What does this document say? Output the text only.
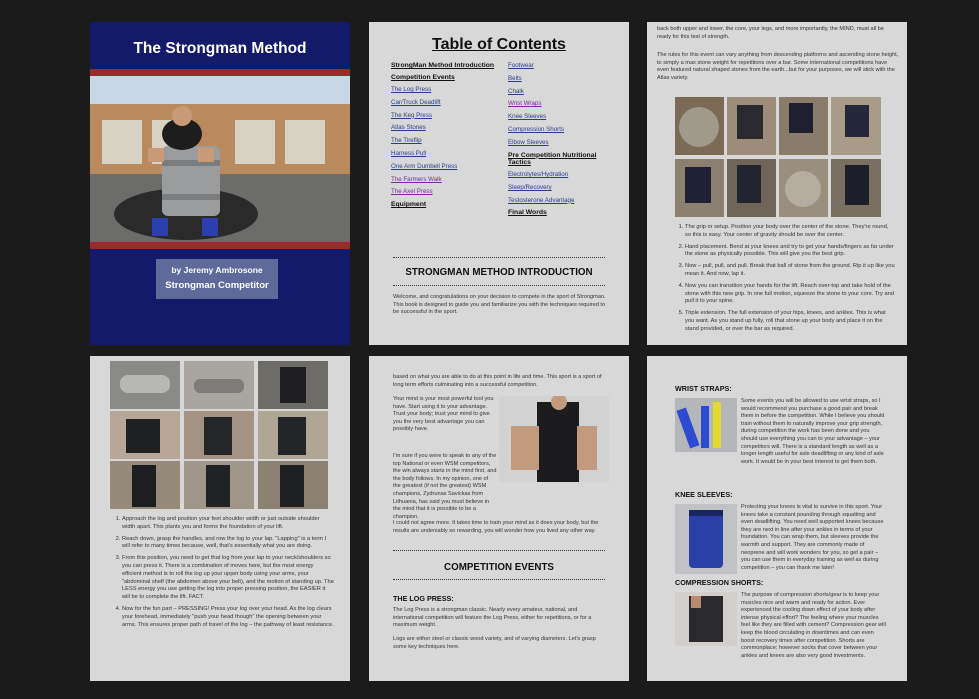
The Strongman Method
by Jeremy Ambrosone
Strongman Competitor
Table of Contents
StrongMan Method Introduction
Competition Events
The Log Press
Car/Truck Deadlift
The Keg Press
Atlas Stones
The Tireflip
Harness Pull
One Arm Dumbell Press
The Farmers Walk
The Axel Press
Equipment
Footwear
Belts
Chalk
Wrist Wraps
Knee Sleeves
Compression Shorts
Elbow Sleeves
Pre Competition Nutritional Tactics
Electrolytes/Hydration
Sleep/Recovery
Testosterone Advantage
Final Words
STRONGMAN METHOD INTRODUCTION
Welcome, and congratulations on your decision to compete in the sport of Strongman. This book is designed to guide you and familiarize you with the techniques required to be successful in the sport.
back both upper and lower, the core, your legs, and more importantly, the MIND, must all be ready for this test of strength.
The rules for this event can vary anything from descending platforms and ascending stone height, to simply a max stone weight for repetitions over a bar. Some international competitions have even featured natural shaped stones from the earth...but for your purposes, we will stick with the Atlas variety.
1. The grip or setup. Position your body over the center of the stone. They're round, so this is easy. Your center of gravity should be over the center.
2. Hand placement. Bend at your knees and try to get your hands/fingers as far under the stone as physically possible. This will give you the best grip.
3. Now – pull, pull, and pull. Break that ball of stone from the ground. Rip it up like you mean it. And now, lap it.
4. Now you can transition your hands for the lift. Reach over-top and take hold of the stone with this new grip. In one full motion, squeeze the stone to your core. Try and pull it to your spine.
5. Triple extension. The full extension of your hips, knees, and ankles. This is what you want. As you stand up fully, roll that stone up your body and place it on the stand provided, or over the bar as required.
1. Approach the log and position your feet shoulder width or just outside shoulder width apart. This plants you and forms the foundation of your lift.
2. Reach down, grasp the handles, and row the log to your lap. "Lapping" is a term I will refer to many times because, well, that's essentially what you are doing.
3. From this position, you need to get that log from your lap to your neck/shoulders so you can press it. There is a combination of moves here, but the most energy efficient method is to roll the log up your upper body using your arms, your "abdominal shelf (the abdomen above your belt), and the motion of standing up. The LESS energy you use getting the log into proper pressing position, the EASIER it will be to complete the lift. FACT.
4. Now for the fun part – PRESSING! Press your log over your head. As the log clears your forehead, immediately "push your head though" the opening between your arms. This ensures proper path of travel of the log – the pathway of least resistance.
based on what you are able to do at this point in life and time. This sport is a sport of long term efforts culminating into a successful competition.
Your mind is your most powerful tool you have. Start using it to your advantage. Trust your body; trust your mind to give you the very best advantage you can possibly have.
I'm sure if you were to speak to any of the top National or even WSM competitors, the win always starts in the mind first, and the body follows. In my opinion, one of the greatest (if not the greatest) WSM champions, Zydrunas Savickas from Lithuania, has said you must believe in the mind that it is possible to be a champion.
I could not agree more. It takes time to train your mind as it does your body, but the results are undeniably so rewarding, you will wonder how you lived any other way.
COMPETITION EVENTS
THE LOG PRESS:
The Log Press is a strongman classic. Nearly every amateur, national, and international competition will feature the Log Press, either for repetitions, or for a maximum weight.
Logs are either steel or classic wood variety, and of varying diameters. Let's grasp some key techniques here.
WRIST STRAPS:
Some events you will be allowed to use wrist straps, so I would recommend you purchase a good pair and break them in before the competition. While I believe you should train without them to naturally improve your grip strength, during competition the work has been done and you should use everything you can to your advantage – your competitors will. There is a standard length as well as a longer length useful for axle deadlifting or any kind of axle work. It would be in your best interest to get them both.
KNEE SLEEVES:
Protecting your knees is vital to survive in this sport. Your knees take a constant pounding through squatting and even deadlifting. You need well supported knees because they are next in line after your ankles in terms of your foundation. You can wrap them, but sleeves provide the warmth and support. They are commonly made of neoprene and will work wonders for you, so get a pair – you can use them in everyday training as well as during competition – you can thank me later!
COMPRESSION SHORTS:
The purpose of compression shorts/gear is to keep your muscles nice and warm and ready for action. Ever experienced the cooling down effect of your body after intense physical effort? The feeling where your muscles feel like they are filled with cement? Compression gear will keep the blood circulating in downtimes and can even boost recovery times after competition. Shorts are commonplace; however socks that cover between your ankles and knees are also very good investments.
